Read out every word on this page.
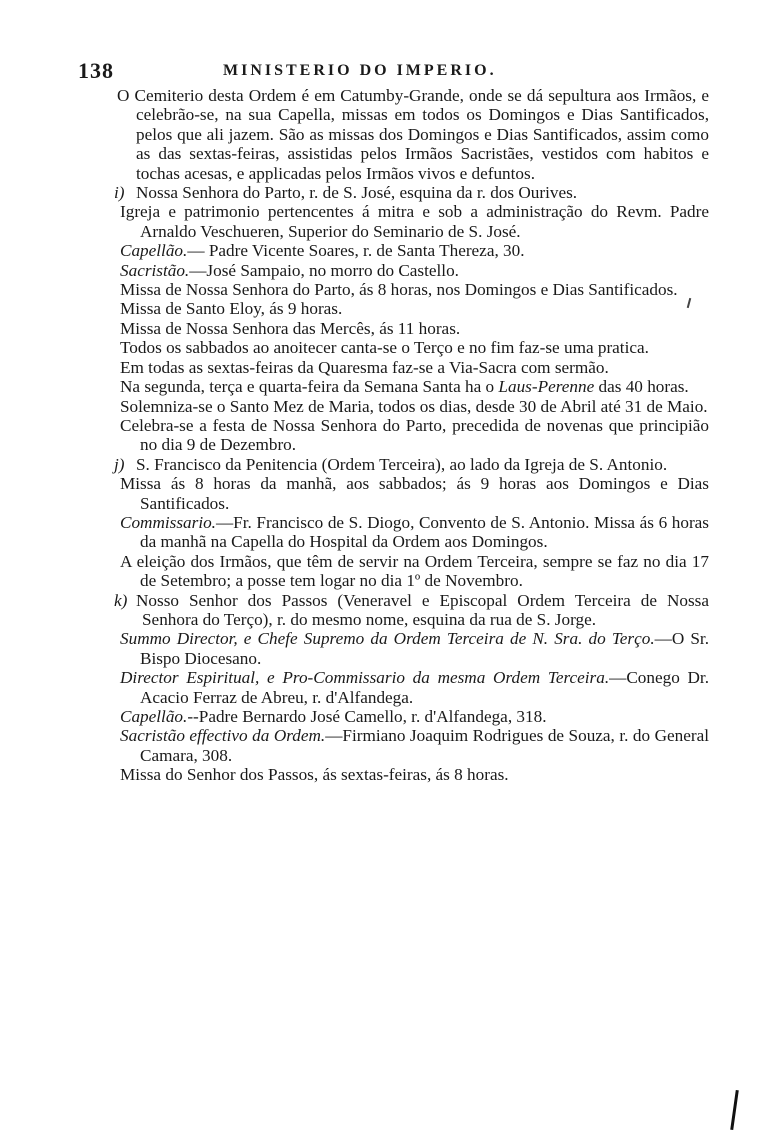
138	MINISTERIO DO IMPERIO.

O Cemiterio desta Ordem é em Catumby-Grande, onde se dá sepultura aos Irmãos, e celebrão-se, na sua Capella, missas em todos os Domingos e Dias Santificados, pelos que ali jazem. São as missas dos Domingos e Dias Santificados, assim como as das sextas-feiras, assistidas pelos Irmãos Sacristães, vestidos com habitos e tochas acesas, e applicadas pelos Irmãos vivos e defuntos.

i) Nossa Senhora do Parto, r. de S. José, esquina da r. dos Ourives.

Igreja e patrimonio pertencentes á mitra e sob a administração do Revm. Padre Arnaldo Veschueren, Superior do Seminario de S. José.

Capellão.— Padre Vicente Soares, r. de Santa Thereza, 30.

Sacristão.—José Sampaio, no morro do Castello.

Missa de Nossa Senhora do Parto, ás 8 horas, nos Domingos e Dias Santificados.

Missa de Santo Eloy, ás 9 horas.

Missa de Nossa Senhora das Mercês, ás 11 horas.

Todos os sabbados ao anoitecer canta-se o Terço e no fim faz-se uma pratica.

Em todas as sextas-feiras da Quaresma faz-se a Via-Sacra com sermão.

Na segunda, terça e quarta-feira da Semana Santa ha o Laus-Perenne das 40 horas.

Solemniza-se o Santo Mez de Maria, todos os dias, desde 30 de Abril até 31 de Maio.

Celebra-se a festa de Nossa Senhora do Parto, precedida de novenas que principião no dia 9 de Dezembro.

j) S. Francisco da Penitencia (Ordem Terceira), ao lado da Igreja de S. Antonio.

Missa ás 8 horas da manhã, aos sabbados; ás 9 horas aos Domingos e Dias Santificados.

Commissario.—Fr. Francisco de S. Diogo, Convento de S. Antonio. Missa ás 6 horas da manhã na Capella do Hospital da Ordem aos Domingos.

A eleição dos Irmãos, que têm de servir na Ordem Terceira, sempre se faz no dia 17 de Setembro; a posse tem logar no dia 1º de Novembro.

k) Nosso Senhor dos Passos (Veneravel e Episcopal Ordem Terceira de Nossa Senhora do Terço), r. do mesmo nome, esquina da rua de S. Jorge.

Summo Director, e Chefe Supremo da Ordem Terceira de N. Sra. do Terço.—O Sr. Bispo Diocesano.

Director Espiritual, e Pro-Commissario da mesma Ordem Terceira.—Conego Dr. Acacio Ferraz de Abreu, r. d'Alfandega.

Capellão.--Padre Bernardo José Camello, r. d'Alfandega, 318.

Sacristão effectivo da Ordem.—Firmiano Joaquim Rodrigues de Souza, r. do General Camara, 308.

Missa do Senhor dos Passos, ás sextas-feiras, ás 8 horas.
